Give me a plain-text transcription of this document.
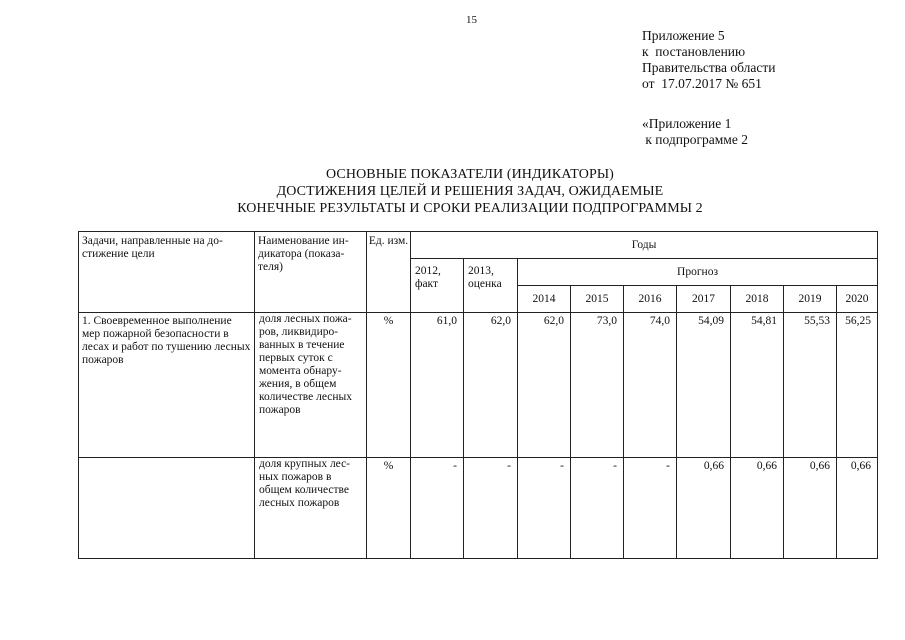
15
Приложение 5
к  постановлению
Правительства области
от  17.07.2017 № 651
«Приложение 1
к подпрограмме 2
ОСНОВНЫЕ ПОКАЗАТЕЛИ (ИНДИКАТОРЫ)
ДОСТИЖЕНИЯ ЦЕЛЕЙ И РЕШЕНИЯ ЗАДАЧ, ОЖИДАЕМЫЕ
КОНЕЧНЫЕ РЕЗУЛЬТАТЫ И СРОКИ РЕАЛИЗАЦИИ ПОДПРОГРАММЫ 2
Задачи, направленные на до-стижение цели	Наименование ин-дикатора (показа-теля)	Ед. изм.	Годы								
			2012, факт	2013, оценка	Прогноз						
					2014	2015	2016	2017	2018	2019	2020
1. Своевременное выполнение мер пожарной безопасности в лесах и работ по тушению лесных пожаров	доля лесных пожа-ров, ликвидиро-ванных в течение первых суток с момента обнару-жения, в общем количестве лесных пожаров	%	61,0	62,0	62,0	73,0	74,0	54,09	54,81	55,53	56,25
	доля крупных лес-ных пожаров в общем количестве лесных пожаров	%	-	-	-	-	-	0,66	0,66	0,66	0,66
